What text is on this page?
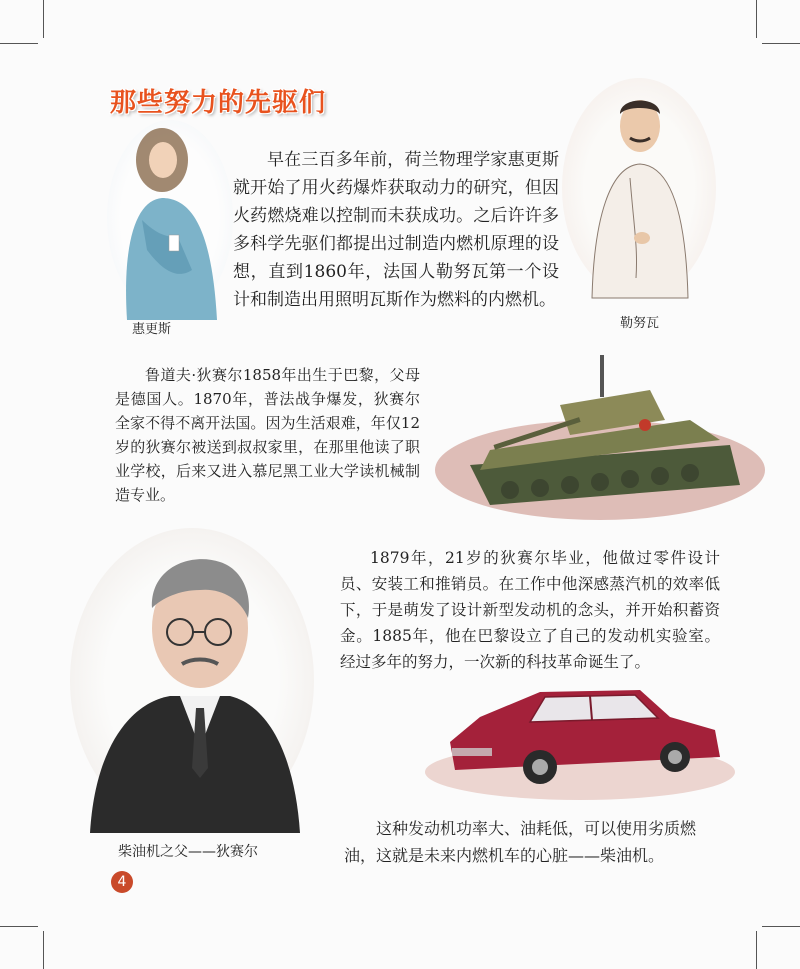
那些努力的先驱们
惠更斯	勒努瓦

早在三百多年前，荷兰物理学家惠更斯就开始了用火药爆炸获取动力的研究，但因火药燃烧难以控制而未获成功。之后许许多多科学先驱们都提出过制造内燃机原理的设想，直到1860年，法国人勒努瓦第一个设计和制造出用照明瓦斯作为燃料的内燃机。

鲁道夫·狄赛尔1858年出生于巴黎，父母是德国人。1870年，普法战争爆发，狄赛尔全家不得不离开法国。因为生活艰难，年仅12岁的狄赛尔被送到叔叔家里，在那里他读了职业学校，后来又进入慕尼黑工业大学读机械制造专业。

柴油机之父——狄赛尔

1879年，21岁的狄赛尔毕业，他做过零件设计员、安装工和推销员。在工作中他深感蒸汽机的效率低下，于是萌发了设计新型发动机的念头，并开始积蓄资金。1885年，他在巴黎设立了自己的发动机实验室。经过多年的努力，一次新的科技革命诞生了。

这种发动机功率大、油耗低，可以使用劣质燃油，这就是未来内燃机车的心脏——柴油机。

4
